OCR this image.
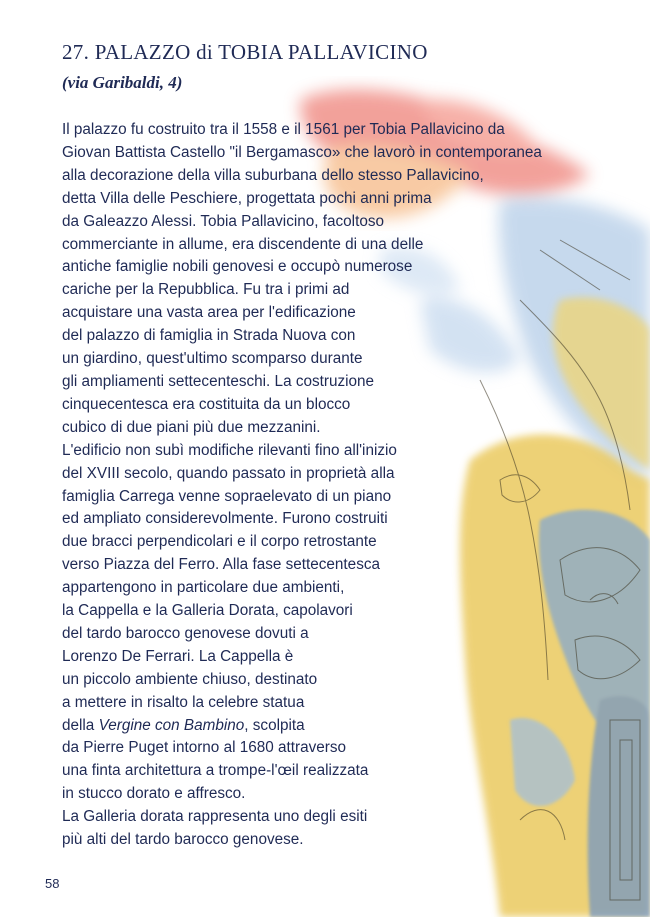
27. PALAZZO di TOBIA PALLAVICINO
(via Garibaldi, 4)
Il palazzo fu costruito tra il 1558 e il 1561 per Tobia Pallavicino da
Giovan Battista Castello "il Bergamasco» che lavorò in contemporanea
alla decorazione della villa suburbana dello stesso Pallavicino,
detta Villa delle Peschiere, progettata pochi anni prima
da Galeazzo Alessi. Tobia Pallavicino, facoltoso
commerciante in allume, era discendente di una delle
antiche famiglie nobili genovesi e occupò numerose
cariche per la Repubblica. Fu tra i primi ad
acquistare una vasta area per l'edificazione
del palazzo di famiglia in Strada Nuova con
un giardino, quest'ultimo scomparso durante
gli ampliamenti settecenteschi. La costruzione
cinquecentesca era costituita da un blocco
cubico di due piani più due mezzanini.
L'edificio non subì modifiche rilevanti fino all'inizio
del XVIII secolo, quando passato in proprietà alla
famiglia Carrega venne sopraelevato di un piano
ed ampliato considerevolmente. Furono costruiti
due bracci perpendicolari e il corpo retrostante
verso Piazza del Ferro. Alla fase settecentesca
appartengono in particolare due ambienti,
la Cappella e la Galleria Dorata, capolavori
del tardo barocco genovese dovuti a
Lorenzo De Ferrari. La Cappella è
un piccolo ambiente chiuso, destinato
a mettere in risalto la celebre statua
della Vergine con Bambino, scolpita
da Pierre Puget intorno al 1680 attraverso
una finta architettura a trompe-l'œil realizzata
in stucco dorato e affresco.
La Galleria dorata rappresenta uno degli esiti
più alti del tardo barocco genovese.
58
